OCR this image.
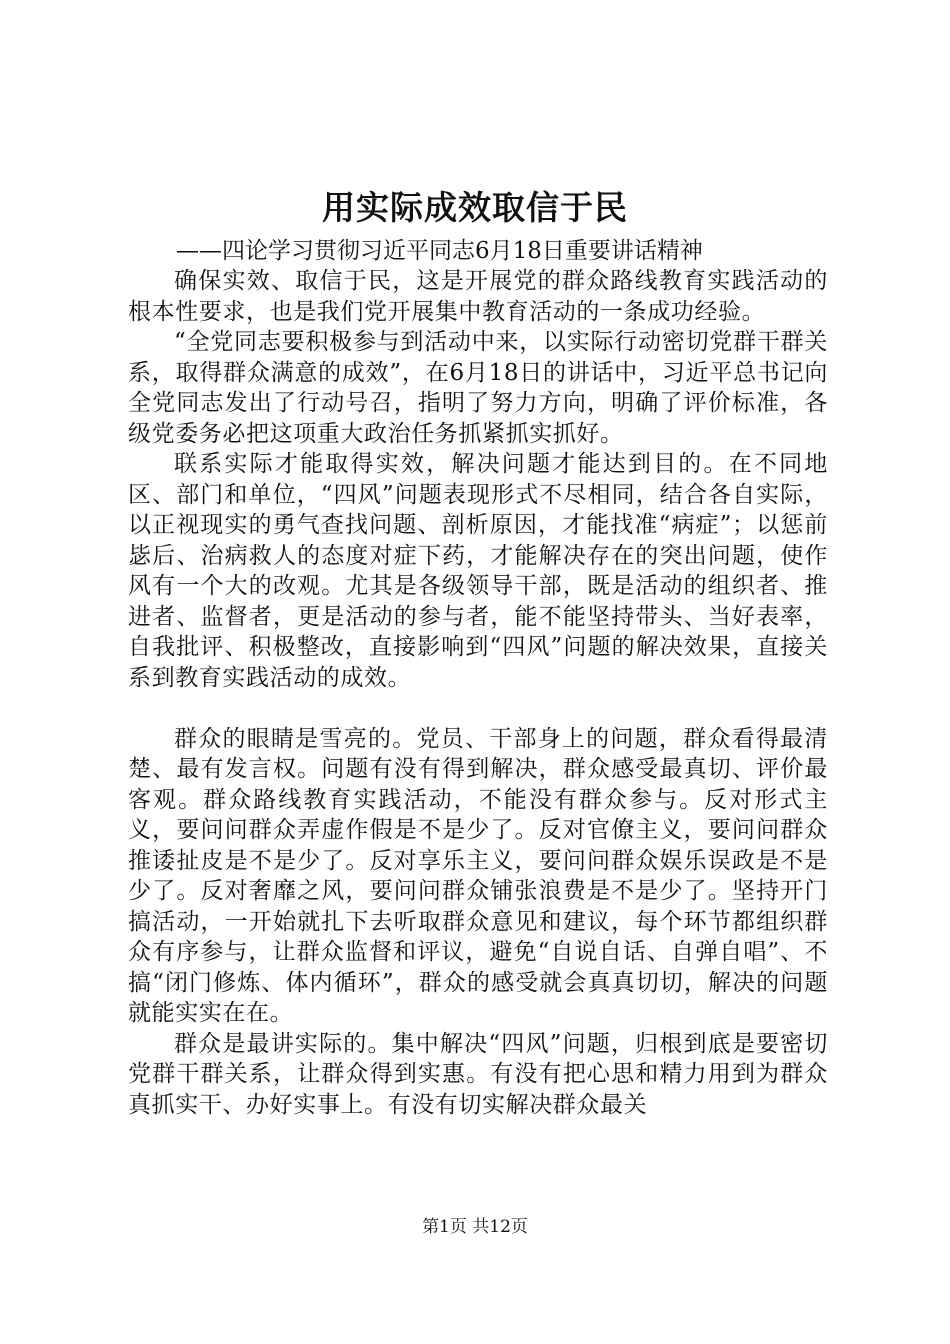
用实际成效取信于民
——四论学习贯彻习近平同志6月18日重要讲话精神

确保实效、取信于民，这是开展党的群众路线教育实践活动的根本性要求，也是我们党开展集中教育活动的一条成功经验。

“全党同志要积极参与到活动中来，以实际行动密切党群干群关系，取得群众满意的成效”，在6月18日的讲话中，习近平总书记向全党同志发出了行动号召，指明了努力方向，明确了评价标准，各级党委务必把这项重大政治任务抓紧抓实抓好。

联系实际才能取得实效，解决问题才能达到目的。在不同地区、部门和单位，“四风”问题表现形式不尽相同，结合各自实际，以正视现实的勇气查找问题、剖析原因，才能找准“病症”；以惩前毖后、治病救人的态度对症下药，才能解决存在的突出问题，使作风有一个大的改观。尤其是各级领导干部，既是活动的组织者、推进者、监督者，更是活动的参与者，能不能坚持带头、当好表率，自我批评、积极整改，直接影响到“四风”问题的解决效果，直接关系到教育实践活动的成效。

群众的眼睛是雪亮的。党员、干部身上的问题，群众看得最清楚、最有发言权。问题有没有得到解决，群众感受最真切、评价最客观。群众路线教育实践活动，不能没有群众参与。反对形式主义，要问问群众弄虚作假是不是少了。反对官僚主义，要问问群众推诿扯皮是不是少了。反对享乐主义，要问问群众娱乐误政是不是少了。反对奢靡之风，要问问群众铺张浪费是不是少了。坚持开门搞活动，一开始就扎下去听取群众意见和建议，每个环节都组织群众有序参与，让群众监督和评议，避免“自说自话、自弹自唱”、不搞“闭门修炼、体内循环”，群众的感受就会真真切切，解决的问题就能实实在在。

群众是最讲实际的。集中解决“四风”问题，归根到底是要密切党群干群关系，让群众得到实惠。有没有把心思和精力用到为群众真抓实干、办好实事上。有没有切实解决群众最关

第1页 共12页
